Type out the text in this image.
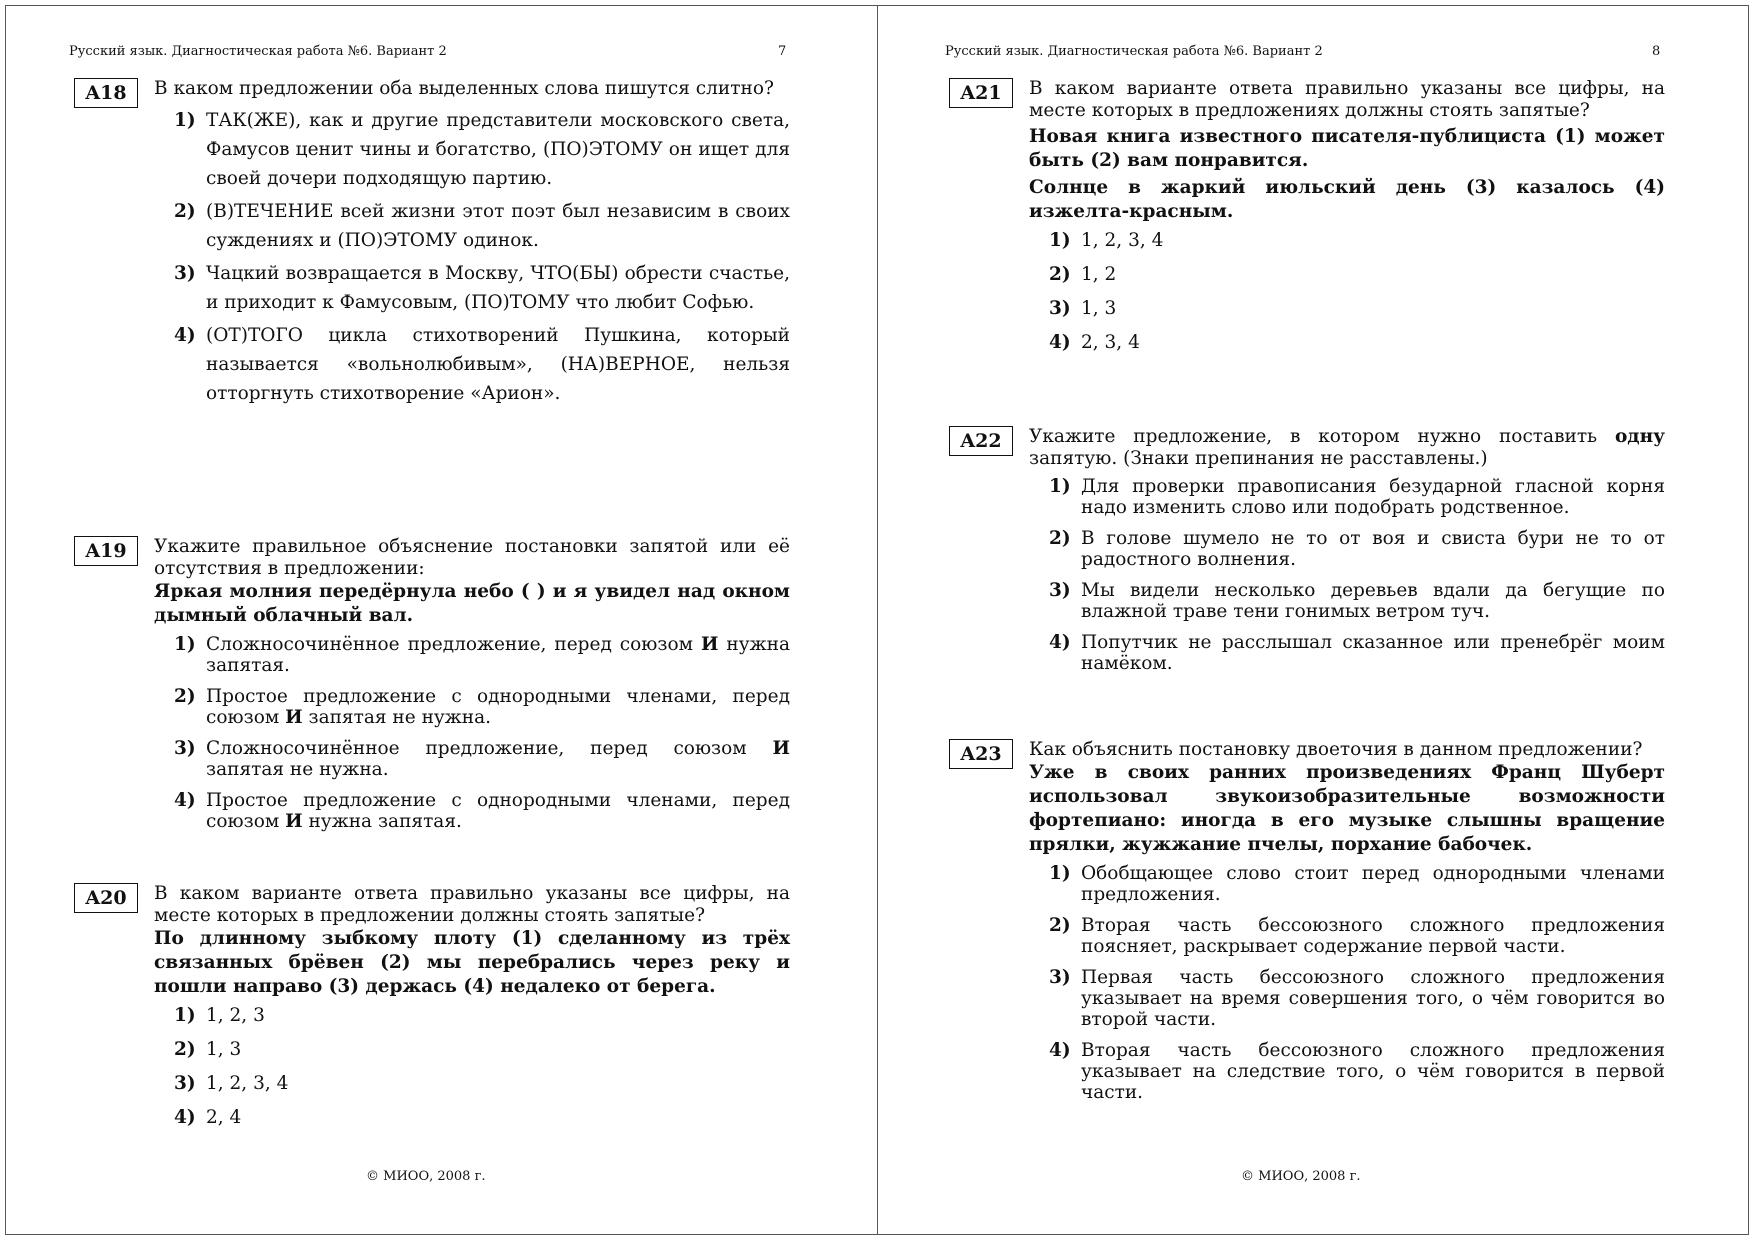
Русский язык. Диагностическая работа №6. Вариант 2	7
A18	В каком предложении оба выделенных слова пишутся слитно?
1) ТАК(ЖЕ), как и другие представители московского света, Фамусов ценит чины и богатство, (ПО)ЭТОМУ он ищет для своей дочери подходящую партию.
2) (В)ТЕЧЕНИЕ всей жизни этот поэт был независим в своих суждениях и (ПО)ЭТОМУ одинок.
3) Чацкий возвращается в Москву, ЧТО(БЫ) обрести счастье, и приходит к Фамусовым, (ПО)ТОМУ что любит Софью.
4) (ОТ)ТОГО цикла стихотворений Пушкина, который называется «вольнолюбивым», (НА)ВЕРНОЕ, нельзя отторгнуть стихотворение «Арион».
A19	Укажите правильное объяснение постановки запятой или её отсутствия в предложении:
Яркая молния передёрнула небо ( ) и я увидел над окном дымный облачный вал.
1) Сложносочинённое предложение, перед союзом И нужна запятая.
2) Простое предложение с однородными членами, перед союзом И запятая не нужна.
3) Сложносочинённое предложение, перед союзом И запятая не нужна.
4) Простое предложение с однородными членами, перед союзом И нужна запятая.
A20	В каком варианте ответа правильно указаны все цифры, на месте которых в предложении должны стоять запятые?
По длинному зыбкому плоту (1) сделанному из трёх связанных брёвен (2) мы перебрались через реку и пошли направо (3) держась (4) недалеко от берега.
1) 1, 2, 3
2) 1, 3
3) 1, 2, 3, 4
4) 2, 4
© МИОО, 2008 г.
Русский язык. Диагностическая работа №6. Вариант 2	8
A21	В каком варианте ответа правильно указаны все цифры, на месте которых в предложениях должны стоять запятые?
Новая книга известного писателя-публициста (1) может быть (2) вам понравится.
Солнце в жаркий июльский день (3) казалось (4) изжелта-красным.
1) 1, 2, 3, 4
2) 1, 2
3) 1, 3
4) 2, 3, 4
A22	Укажите предложение, в котором нужно поставить одну запятую. (Знаки препинания не расставлены.)
1) Для проверки правописания безударной гласной корня надо изменить слово или подобрать родственное.
2) В голове шумело не то от воя и свиста бури не то от радостного волнения.
3) Мы видели несколько деревьев вдали да бегущие по влажной траве тени гонимых ветром туч.
4) Попутчик не расслышал сказанное или пренебрёг моим намёком.
A23	Как объяснить постановку двоеточия в данном предложении?
Уже в своих ранних произведениях Франц Шуберт использовал звукоизобразительные возможности фортепиано: иногда в его музыке слышны вращение прялки, жужжание пчелы, порхание бабочек.
1) Обобщающее слово стоит перед однородными членами предложения.
2) Вторая часть бессоюзного сложного предложения поясняет, раскрывает содержание первой части.
3) Первая часть бессоюзного сложного предложения указывает на время совершения того, о чём говорится во второй части.
4) Вторая часть бессоюзного сложного предложения указывает на следствие того, о чём говорится в первой части.
© МИОО, 2008 г.
